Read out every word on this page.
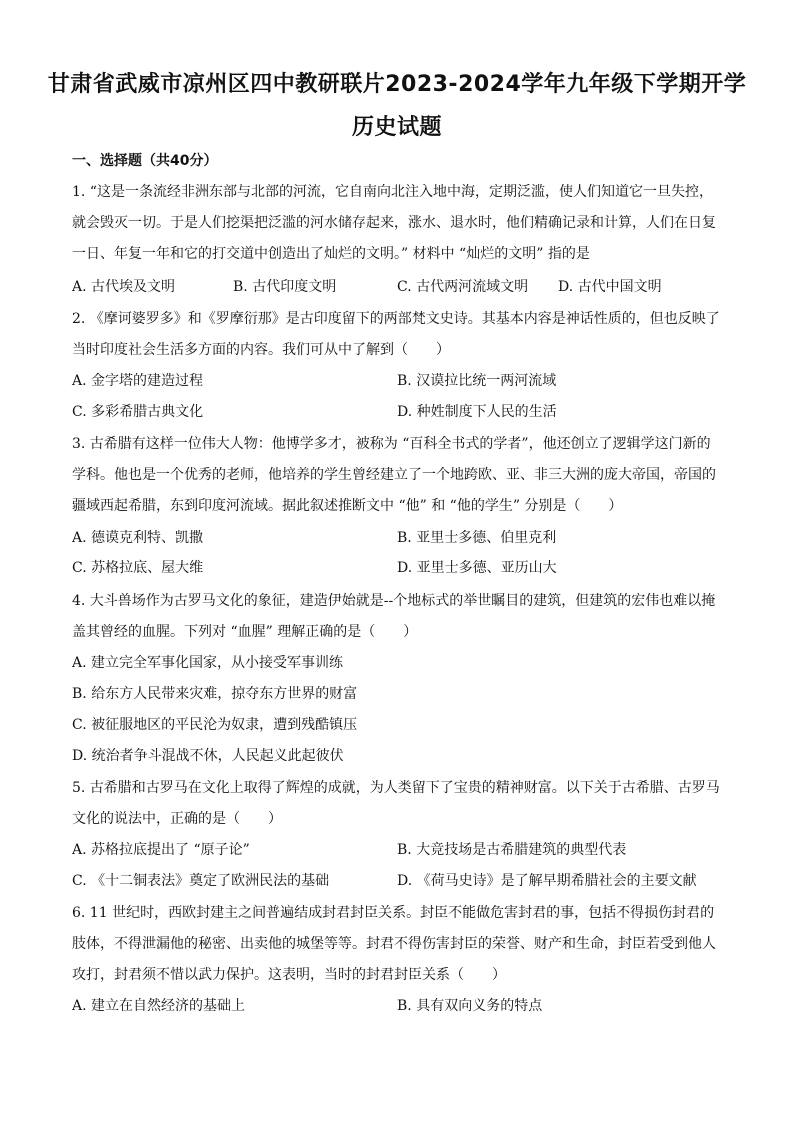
甘肃省武威市凉州区四中教研联片2023-2024学年九年级下学期开学
历史试题
一、选择题（共40分）
1. “这是一条流经非洲东部与北部的河流，它自南向北注入地中海，定期泛滥，使人们知道它一旦失控，就会毁灭一切。于是人们挖渠把泛滥的河水储存起来，涨水、退水时，他们精确记录和计算，人们在日复一日、年复一年和它的打交道中创造出了灿烂的文明。” 材料中 “灿烂的文明” 指的是
A. 古代埃及文明	B. 古代印度文明	C. 古代两河流域文明 D. 古代中国文明
2. 《摩诃婆罗多》和《罗摩衍那》是古印度留下的两部梵文史诗。其基本内容是神话性质的，但也反映了当时印度社会生活多方面的内容。我们可从中了解到（　　）
A. 金字塔的建造过程	B. 汉谟拉比统一两河流域
C. 多彩希腊古典文化	D. 种姓制度下人民的生活
3. 古希腊有这样一位伟大人物：他博学多才，被称为 “百科全书式的学者”，他还创立了逻辑学这门新的学科。他也是一个优秀的老师，他培养的学生曾经建立了一个地跨欧、亚、非三大洲的庞大帝国，帝国的疆域西起希腊，东到印度河流域。据此叙述推断文中 “他” 和 “他的学生” 分别是（　　）
A. 德谟克利特、凯撒	B. 亚里士多德、伯里克利
C. 苏格拉底、屋大维	D. 亚里士多德、亚历山大
4. 大斗兽场作为古罗马文化的象征，建造伊始就是--个地标式的举世瞩目的建筑，但建筑的宏伟也难以掩盖其曾经的血腥。下列对 “血腥” 理解正确的是（　　）
A. 建立完全军事化国家，从小接受军事训练
B. 给东方人民带来灾难，掠夺东方世界的财富
C. 被征服地区的平民沦为奴隶，遭到残酷镇压
D. 统治者争斗混战不休，人民起义此起彼伏
5. 古希腊和古罗马在文化上取得了辉煌的成就，为人类留下了宝贵的精神财富。以下关于古希腊、古罗马文化的说法中，正确的是（　　）
A. 苏格拉底提出了 “原子论”	B. 大竞技场是古希腊建筑的典型代表
C. 《十二铜表法》奠定了欧洲民法的基础	D. 《荷马史诗》是了解早期希腊社会的主要文献
6. 11 世纪时，西欧封建主之间普遍结成封君封臣关系。封臣不能做危害封君的事，包括不得损伤封君的肢体，不得泄漏他的秘密、出卖他的城堡等等。封君不得伤害封臣的荣誉、财产和生命，封臣若受到他人攻打，封君须不惜以武力保护。这表明，当时的封君封臣关系（　　）
A. 建立在自然经济的基础上	B. 具有双向义务的特点
